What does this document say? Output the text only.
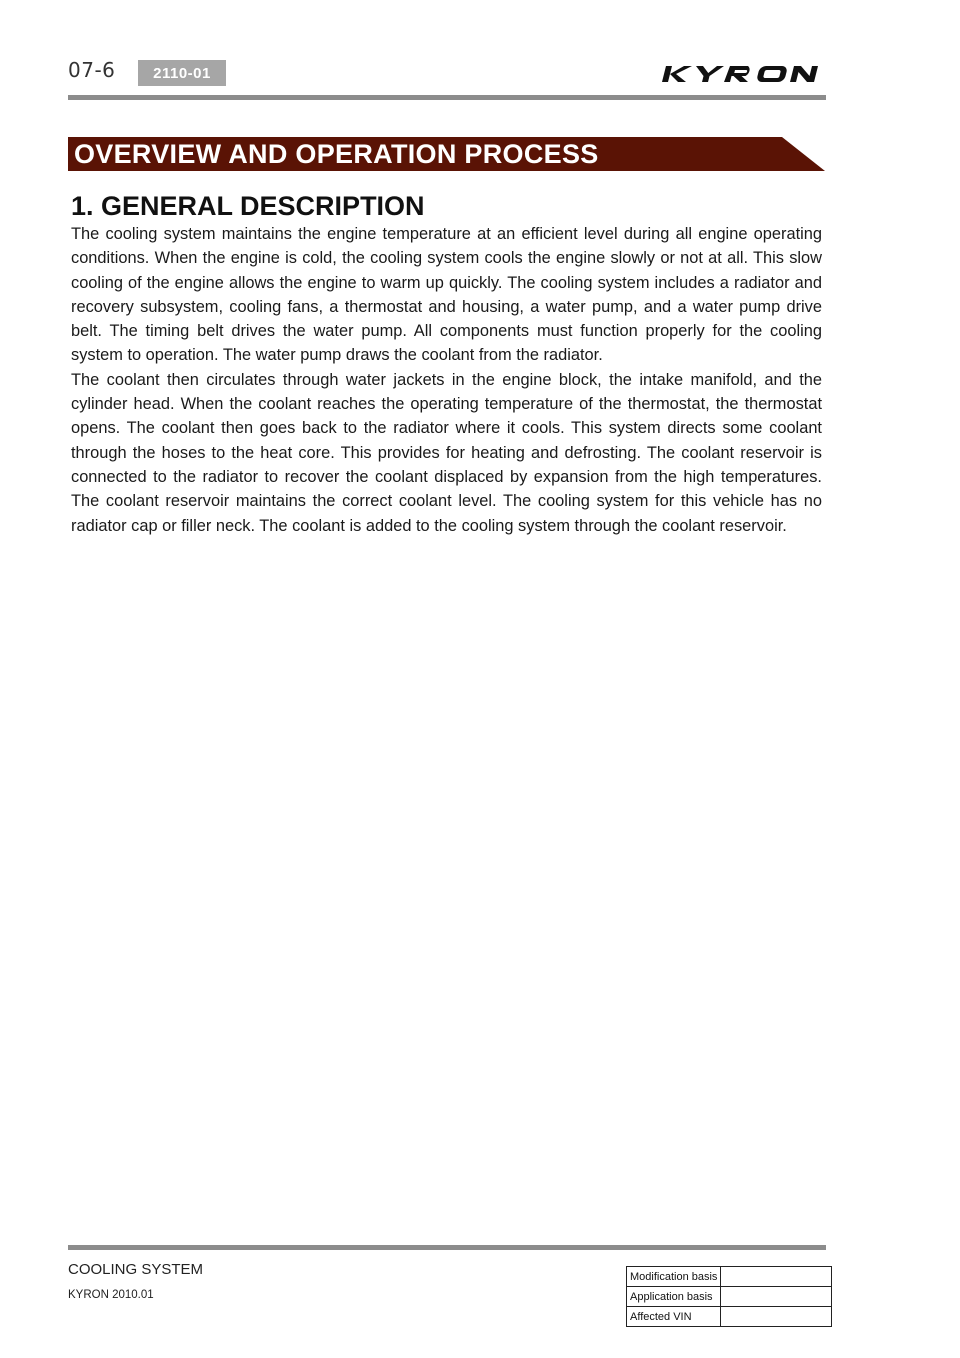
07-6	2110-01
OVERVIEW AND OPERATION PROCESS
1. GENERAL DESCRIPTION

The cooling system maintains the engine temperature at an efficient level during all engine operating conditions. When the engine is cold, the cooling system cools the engine slowly or not at all. This slow cooling of the engine allows the engine to warm up quickly. The cooling system includes a radiator and recovery subsystem, cooling fans, a thermostat and housing, a water pump, and a water pump drive belt. The timing belt drives the water pump. All components must function properly for the cooling system to operation. The water pump draws the coolant from the radiator.

The coolant then circulates through water jackets in the engine block, the intake manifold, and the cylinder head. When the coolant reaches the operating temperature of the thermostat, the thermostat opens. The coolant then goes back to the radiator where it cools. This system directs some coolant through the hoses to the heat core. This provides for heating and defrosting. The coolant reservoir is connected to the radiator to recover the coolant displaced by expansion from the high temperatures. The coolant reservoir maintains the correct coolant level. The cooling system for this vehicle has no radiator cap or filler neck. The coolant is added to the cooling system through the coolant reservoir.

COOLING SYSTEM
KYRON 2010.01
Modification basis	
Application basis	
Affected VIN	
